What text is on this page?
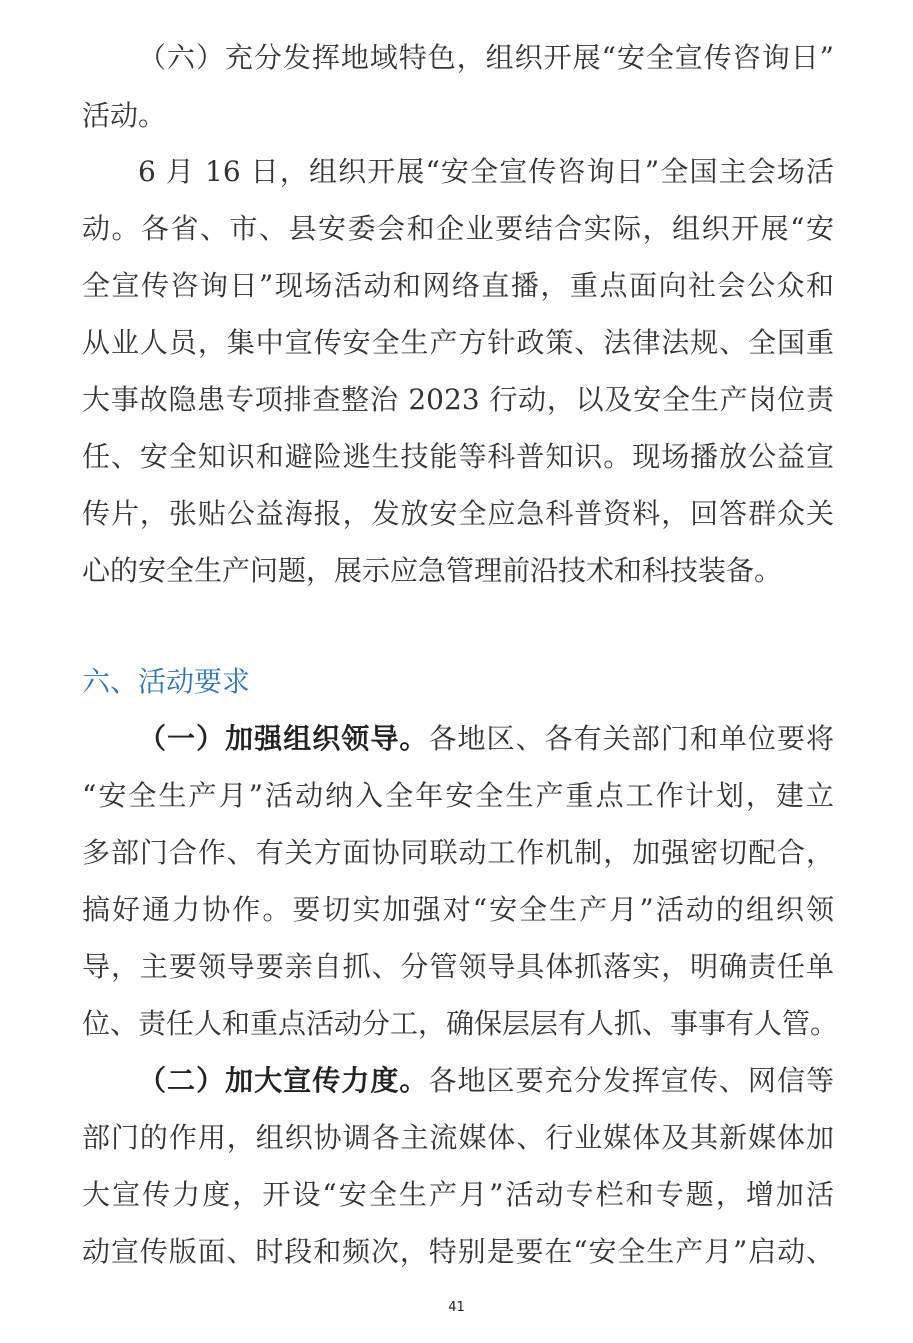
（六）充分发挥地域特色，组织开展“安全宣传咨询日”
活动。
6 月 16 日，组织开展“安全宣传咨询日”全国主会场活
动。各省、市、县安委会和企业要结合实际，组织开展“安
全宣传咨询日”现场活动和网络直播，重点面向社会公众和
从业人员，集中宣传安全生产方针政策、法律法规、全国重
大事故隐患专项排查整治 2023 行动，以及安全生产岗位责
任、安全知识和避险逃生技能等科普知识。现场播放公益宣
传片，张贴公益海报，发放安全应急科普资料，回答群众关
心的安全生产问题，展示应急管理前沿技术和科技装备。
六、活动要求
（一）加强组织领导。各地区、各有关部门和单位要将
“安全生产月”活动纳入全年安全生产重点工作计划，建立
多部门合作、有关方面协同联动工作机制，加强密切配合，
搞好通力协作。要切实加强对“安全生产月”活动的组织领
导，主要领导要亲自抓、分管领导具体抓落实，明确责任单
位、责任人和重点活动分工，确保层层有人抓、事事有人管。
（二）加大宣传力度。各地区要充分发挥宣传、网信等
部门的作用，组织协调各主流媒体、行业媒体及其新媒体加
大宣传力度，开设“安全生产月”活动专栏和专题，增加活
动宣传版面、时段和频次，特别是要在“安全生产月”启动、
41
